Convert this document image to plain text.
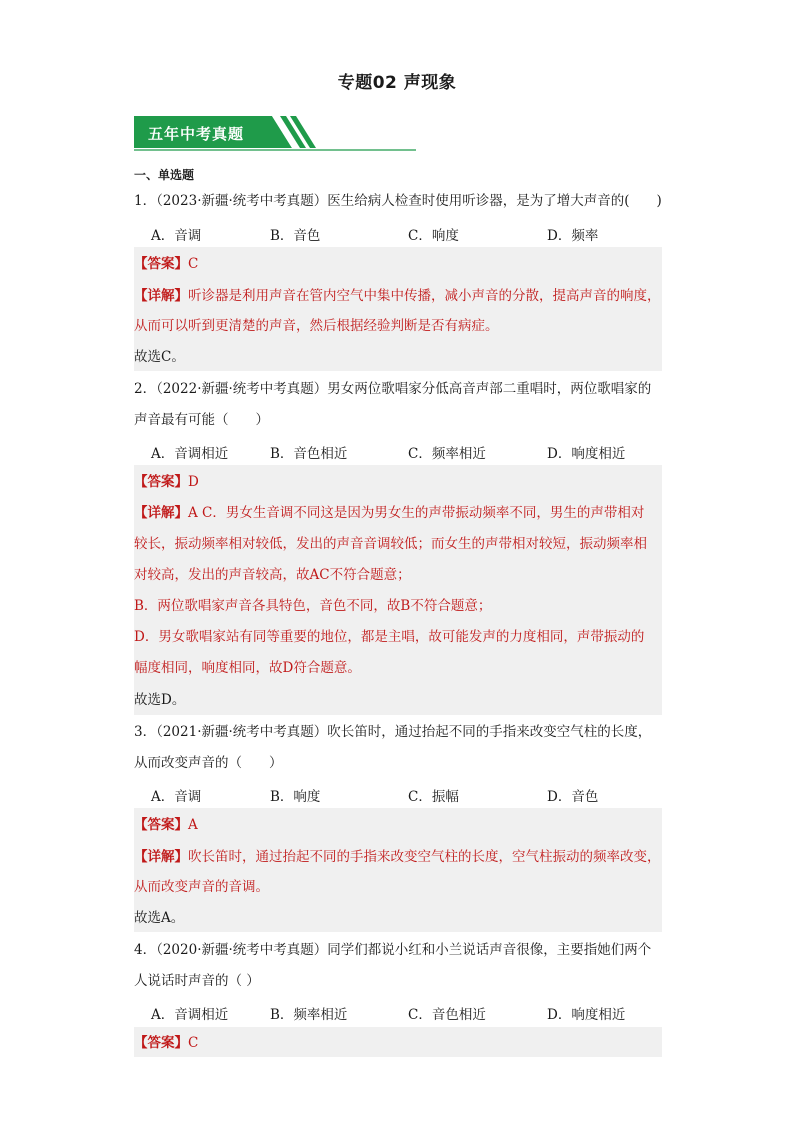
专题02 声现象
五年中考真题
一、单选题
1．（2023·新疆·统考中考真题）医生给病人检查时使用听诊器，是为了增大声音的(　　)
A．音调	B．音色	C．响度	D．频率
【答案】C
【详解】听诊器是利用声音在管内空气中集中传播，减小声音的分散，提高声音的响度，
从而可以听到更清楚的声音，然后根据经验判断是否有病症。
故选C。
2．（2022·新疆·统考中考真题）男女两位歌唱家分低高音声部二重唱时，两位歌唱家的
声音最有可能（　　）
A．音调相近	B．音色相近	C．频率相近	D．响度相近
【答案】D
【详解】A C．男女生音调不同这是因为男女生的声带振动频率不同，男生的声带相对
较长，振动频率相对较低，发出的声音音调较低；而女生的声带相对较短，振动频率相
对较高，发出的声音较高，故AC不符合题意；
B．两位歌唱家声音各具特色，音色不同，故B不符合题意；
D．男女歌唱家站有同等重要的地位，都是主唱，故可能发声的力度相同，声带振动的
幅度相同，响度相同，故D符合题意。
故选D。
3．（2021·新疆·统考中考真题）吹长笛时，通过抬起不同的手指来改变空气柱的长度，
从而改变声音的（　　）
A．音调	B．响度	C．振幅	D．音色
【答案】A
【详解】吹长笛时，通过抬起不同的手指来改变空气柱的长度，空气柱振动的频率改变，
从而改变声音的音调。
故选A。
4．（2020·新疆·统考中考真题）同学们都说小红和小兰说话声音很像，主要指她们两个
人说话时声音的（ ）
A．音调相近	B．频率相近	C．音色相近	D．响度相近
【答案】C
